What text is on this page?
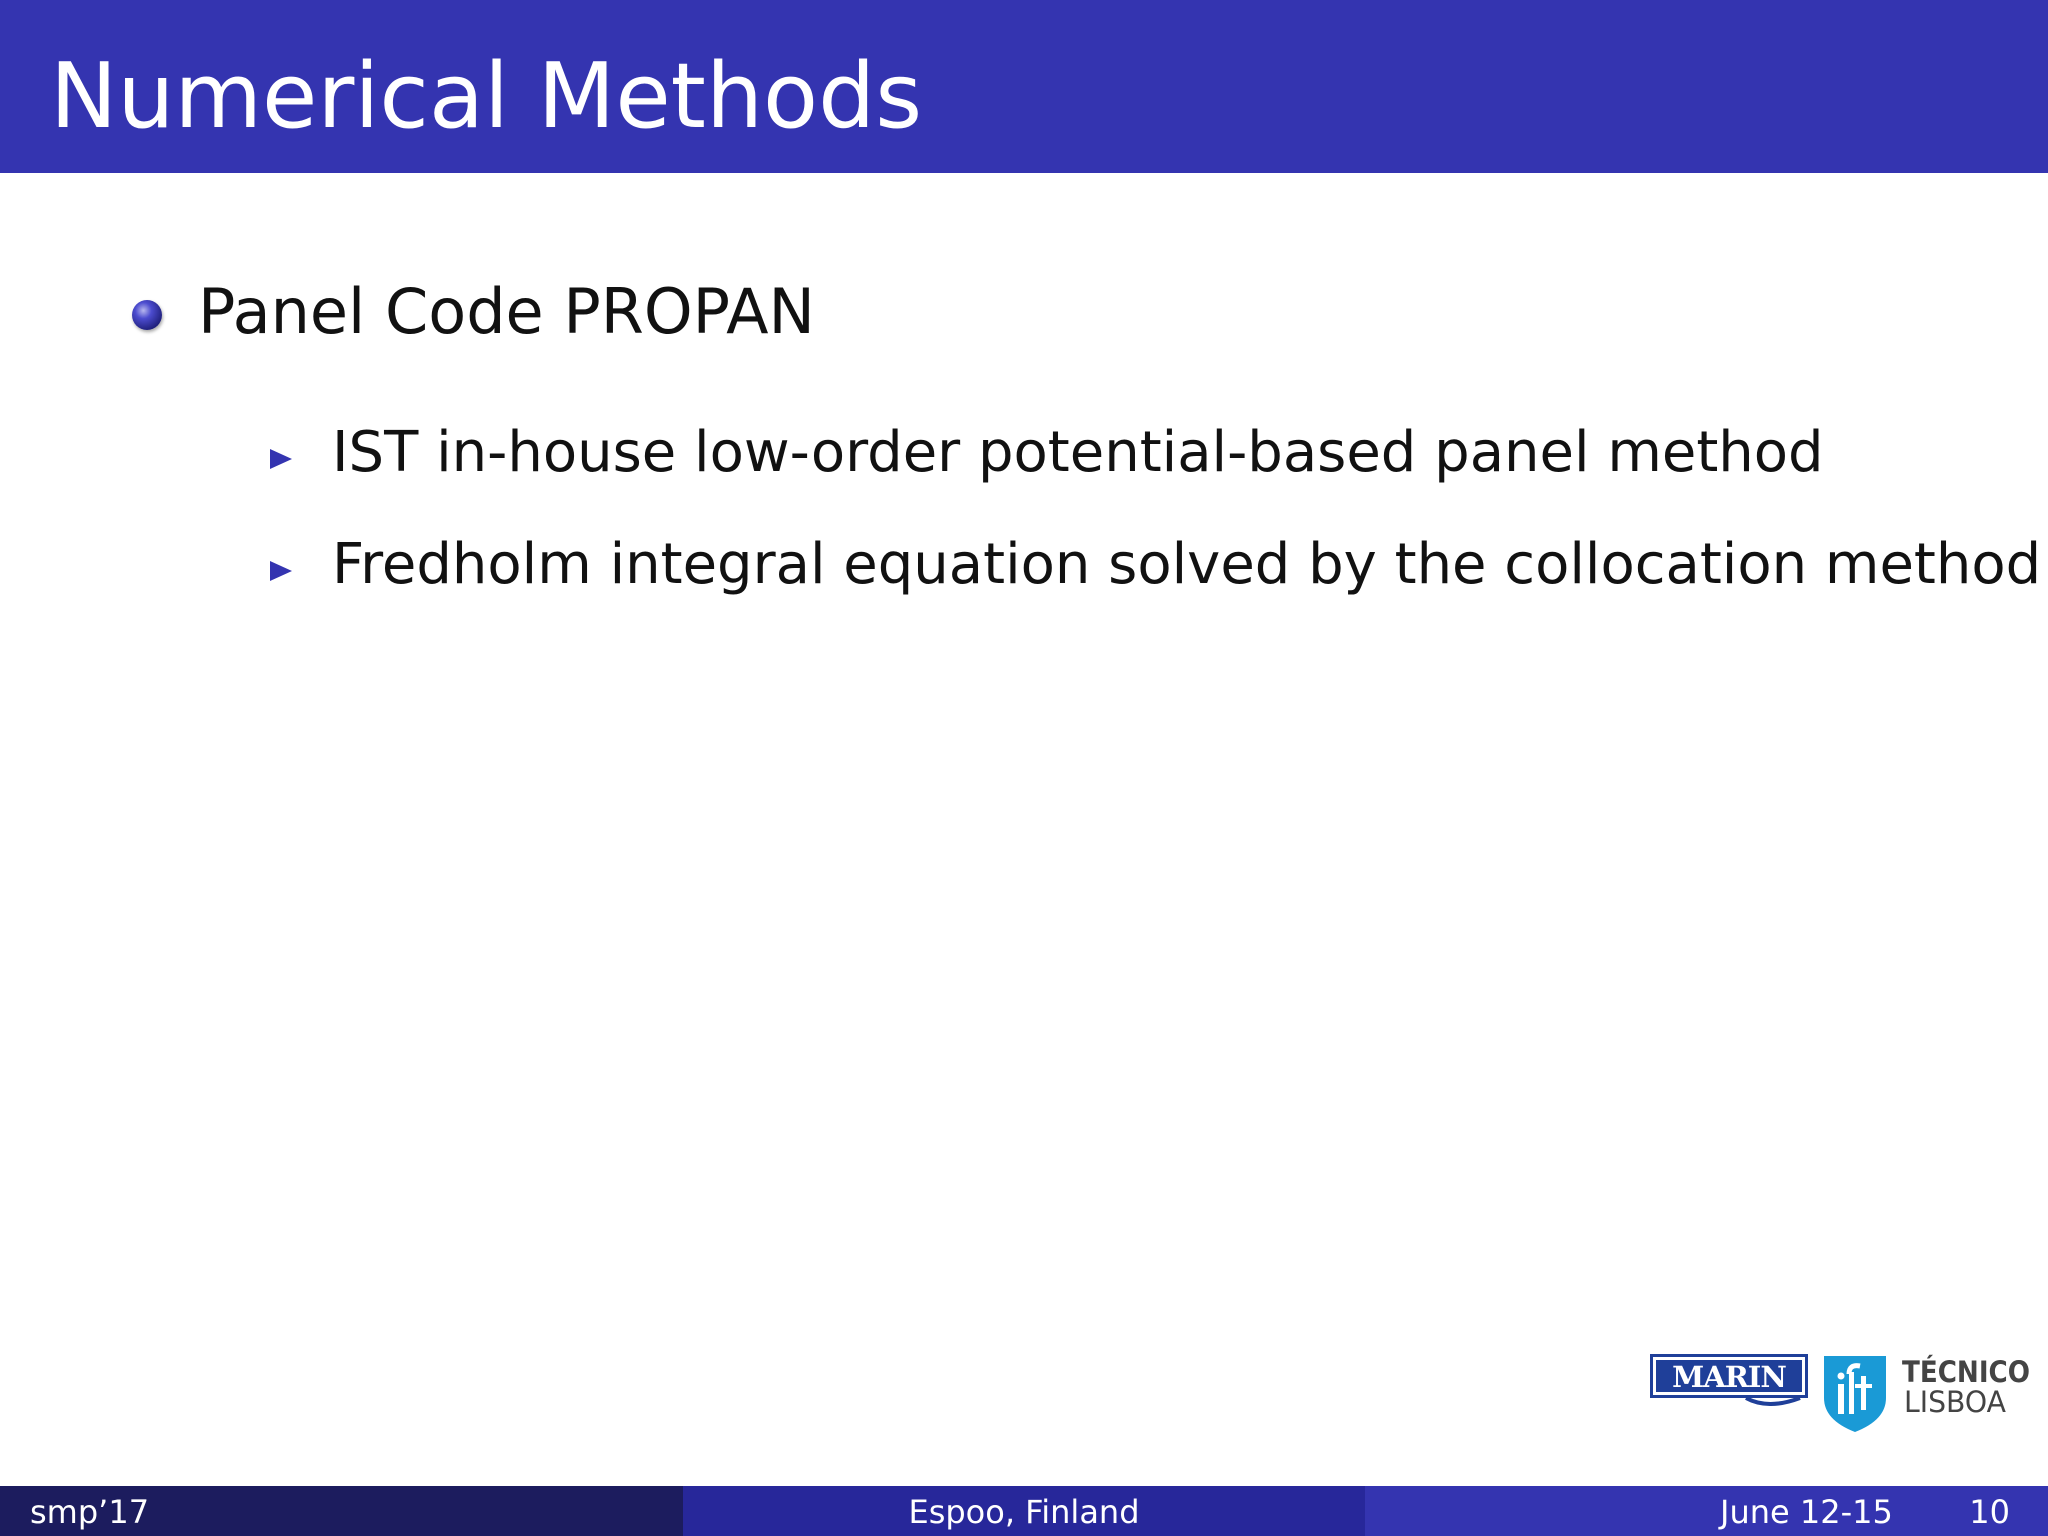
Numerical Methods
Panel Code PROPAN
IST in-house low-order potential-based panel method
Fredholm integral equation solved by the collocation method
MARIN	TÉCNICO
LISBOA
smp’17	Espoo, Finland	June 12-15 10
